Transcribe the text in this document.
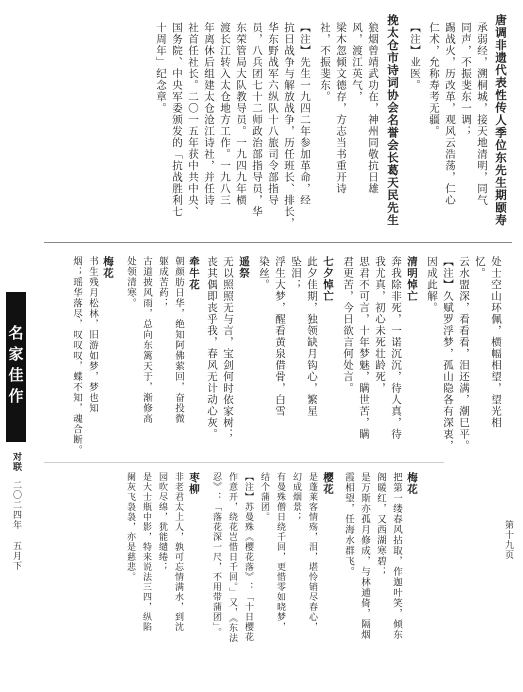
名家佳作
对联
二〇二四年 五月下	第十九页
唐调非遗代表性传人季位东先生期颐寿
承弱经，溯桐城，接天地清明，同气
同声，不振斐东一调；
踢战火，历改革，观风云浩荡，仁心
仁术，允称寿考无疆。
【注】业医。
挽太仓市诗词协会名誉会长葛天民先生
狼烟曾靖武功在，神州同敬抗日雄
风，渡江英气，
梁木忽倾文德存，方志当书重开诗
社，不振斐东。
【注】先生一九四二年参加革命，经
抗日战争与解放战争，历任班长、排长，
华东野战军六纵队十八旅司令部指导
员，八兵团七十二师政治部指导员，华
东荣管局大队教导员。一九四九年横
渡长江转入太仓地方工作。一九八三
年离休后组建太仓沧江诗社，并任诗
社首任社长。二〇一五年获中共中央、
国务院、中央军委颁发的「抗战胜利七
十周年」纪念章。
处士空山环佩，横幅相望，望光相
忆。
云水盟深，看看看，泪还满，潮巳平。
【注】久赋罗浮梦，孤山隐各有深衷，
因成此解。
清明悼亡
奔我除非死，一诺沉沉，待人真，待
我尤真，初心未死壮龄死，
思君不可言，十年梦魅，瞒世苦，瞒
君更苦，今日欲言何处言。
七夕悼亡
此夕佳期，独领缺月钩心，繁星
坠泪；
浮生大梦，醒看黄泉借骨，白雪
染丝。
遥祭
无以照照无与言，宝剑何时依家树；
丧其偶即丧乎我，春风无计动心灰。
梅花
把第一缕春风拈取，作迦叶笑，倾东
阁暖红，又西湖寒碧；
是万斯亦孤月修成，与林逋倚，隔烟
霞相望，任海水群飞。
樱花
是蓬莱客情殇，泪，堪怜销尽春心，
幻成烟景；
有曼殊僧日绕千回，更惜零如晓梦，
结个蒲团。
【注】苏曼殊《樱花落》：「十日樱花
作意开，绕花岂惜日千回。」又，《东法
忍》：「落花深一尺，不用带蒲团」。
枣柳
非老君太上人，孰可忘情满水，到沈
园吹尽绵，犹能缱绻；
是大士瓶中影，特来说法三四，纵陷
阑灰飞袅袅，亦是慈悲。
牵牛花
朝颜肪日华，绝知阿佛萦回，奋投微
躯成苦药；
古道披风雨，总向东篱天于，渐修高
处领清寒。
梅花
书生残月松林，旧游如梦，梦也知
烟；瑶华落尽，叹叹叹，蝶不知，魂合断。
